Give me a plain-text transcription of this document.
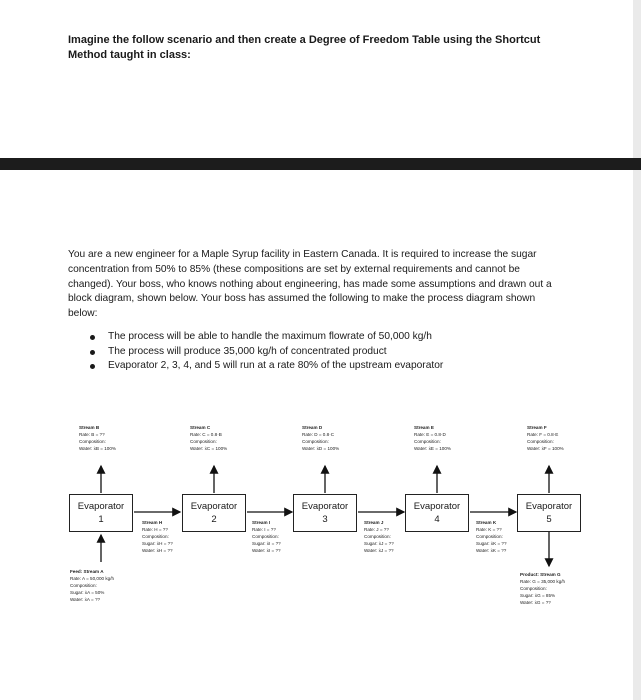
Imagine the follow scenario and then create a Degree of Freedom Table using the Shortcut Method taught in class:

You are a new engineer for a Maple Syrup facility in Eastern Canada. It is required to increase the sugar concentration from 50% to 85% (these compositions are set by external requirements and cannot be changed). Your boss, who knows nothing about engineering, has made some assumptions and drawn out a block diagram, shown below. Your boss has assumed the following to make the process diagram shown below:

The process will be able to handle the maximum flowrate of 50,000 kg/h
The process will produce 35,000 kg/h of concentrated product
Evaporator 2, 3, 4, and 5 will run at a rate 80% of the upstream evaporator
Evaporator
1
Evaporator
2
Evaporator
3
Evaporator
4
Evaporator
5
Stream B
Rate: B = ??
Composition:
Water: ẋB = 100%
Stream C
Rate: C = 0.8·B
Composition:
Water: ẋC = 100%
Stream D
Rate: D = 0.8·C
Composition:
Water: ẋD = 100%
Stream E
Rate: E = 0.8·D
Composition:
Water: ẋE = 100%
Stream F
Rate: F = 0.8·E
Composition:
Water: ẋF = 100%
Stream H
Rate: H = ??
Composition:
Sugar: ẋH = ??
Water: ẋH = ??
Stream I
Rate: I = ??
Composition:
Sugar: ẋI = ??
Water: ẋI = ??
Stream J
Rate: J = ??
Composition:
Sugar: ẋJ = ??
Water: ẋJ = ??
Stream K
Rate: K = ??
Composition:
Sugar: ẋK = ??
Water: ẋK = ??
Feed: Stream A
Rate: A = 50,000 kg/h
Composition:
Sugar: ẋA = 50%
Water: ẋA = ??
Product: Stream G
Rate: G = 35,000 kg/h
Composition:
Sugar: ẋG = 85%
Water: ẋG = ??
